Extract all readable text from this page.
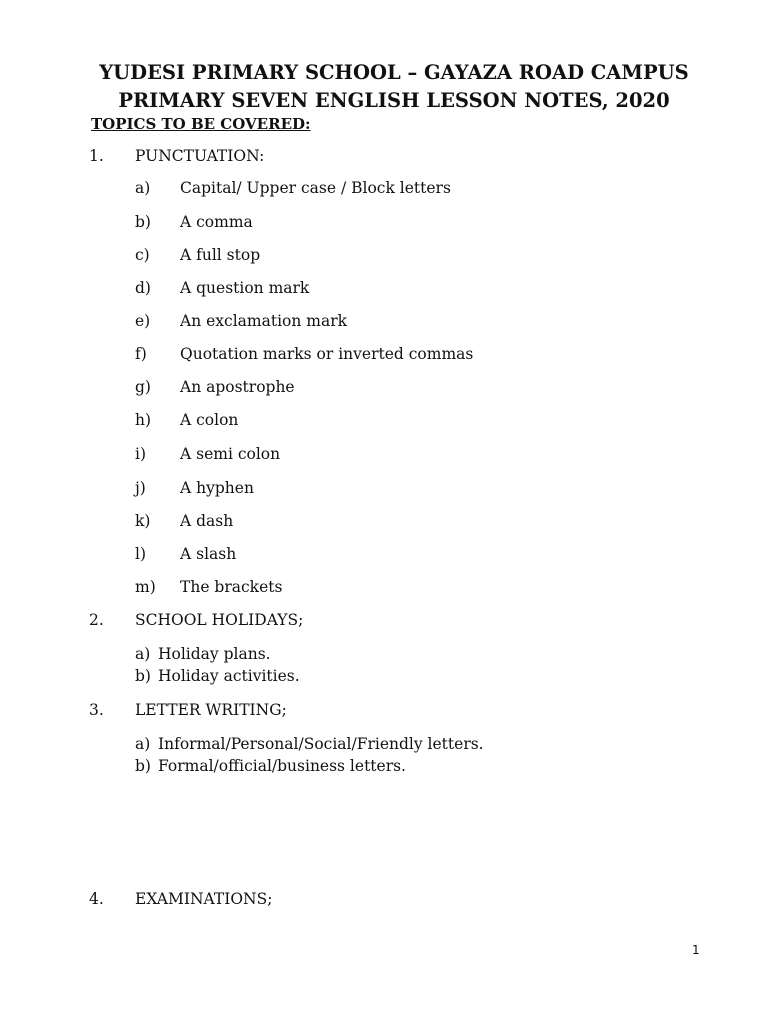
YUDESI PRIMARY SCHOOL – GAYAZA ROAD CAMPUS
PRIMARY SEVEN ENGLISH LESSON NOTES, 2020

TOPICS TO BE COVERED:

1. PUNCTUATION:
a) Capital/ Upper case / Block letters
b) A comma
c) A full stop
d) A question mark
e) An exclamation mark
f) Quotation marks or inverted commas
g) An apostrophe
h) A colon
i) A semi colon
j) A hyphen
k) A dash
l) A slash
m) The brackets
2. SCHOOL HOLIDAYS;
a) Holiday plans.
b) Holiday activities.
3. LETTER WRITING;
a) Informal/Personal/Social/Friendly letters.
b) Formal/official/business letters.
4. EXAMINATIONS;
1
